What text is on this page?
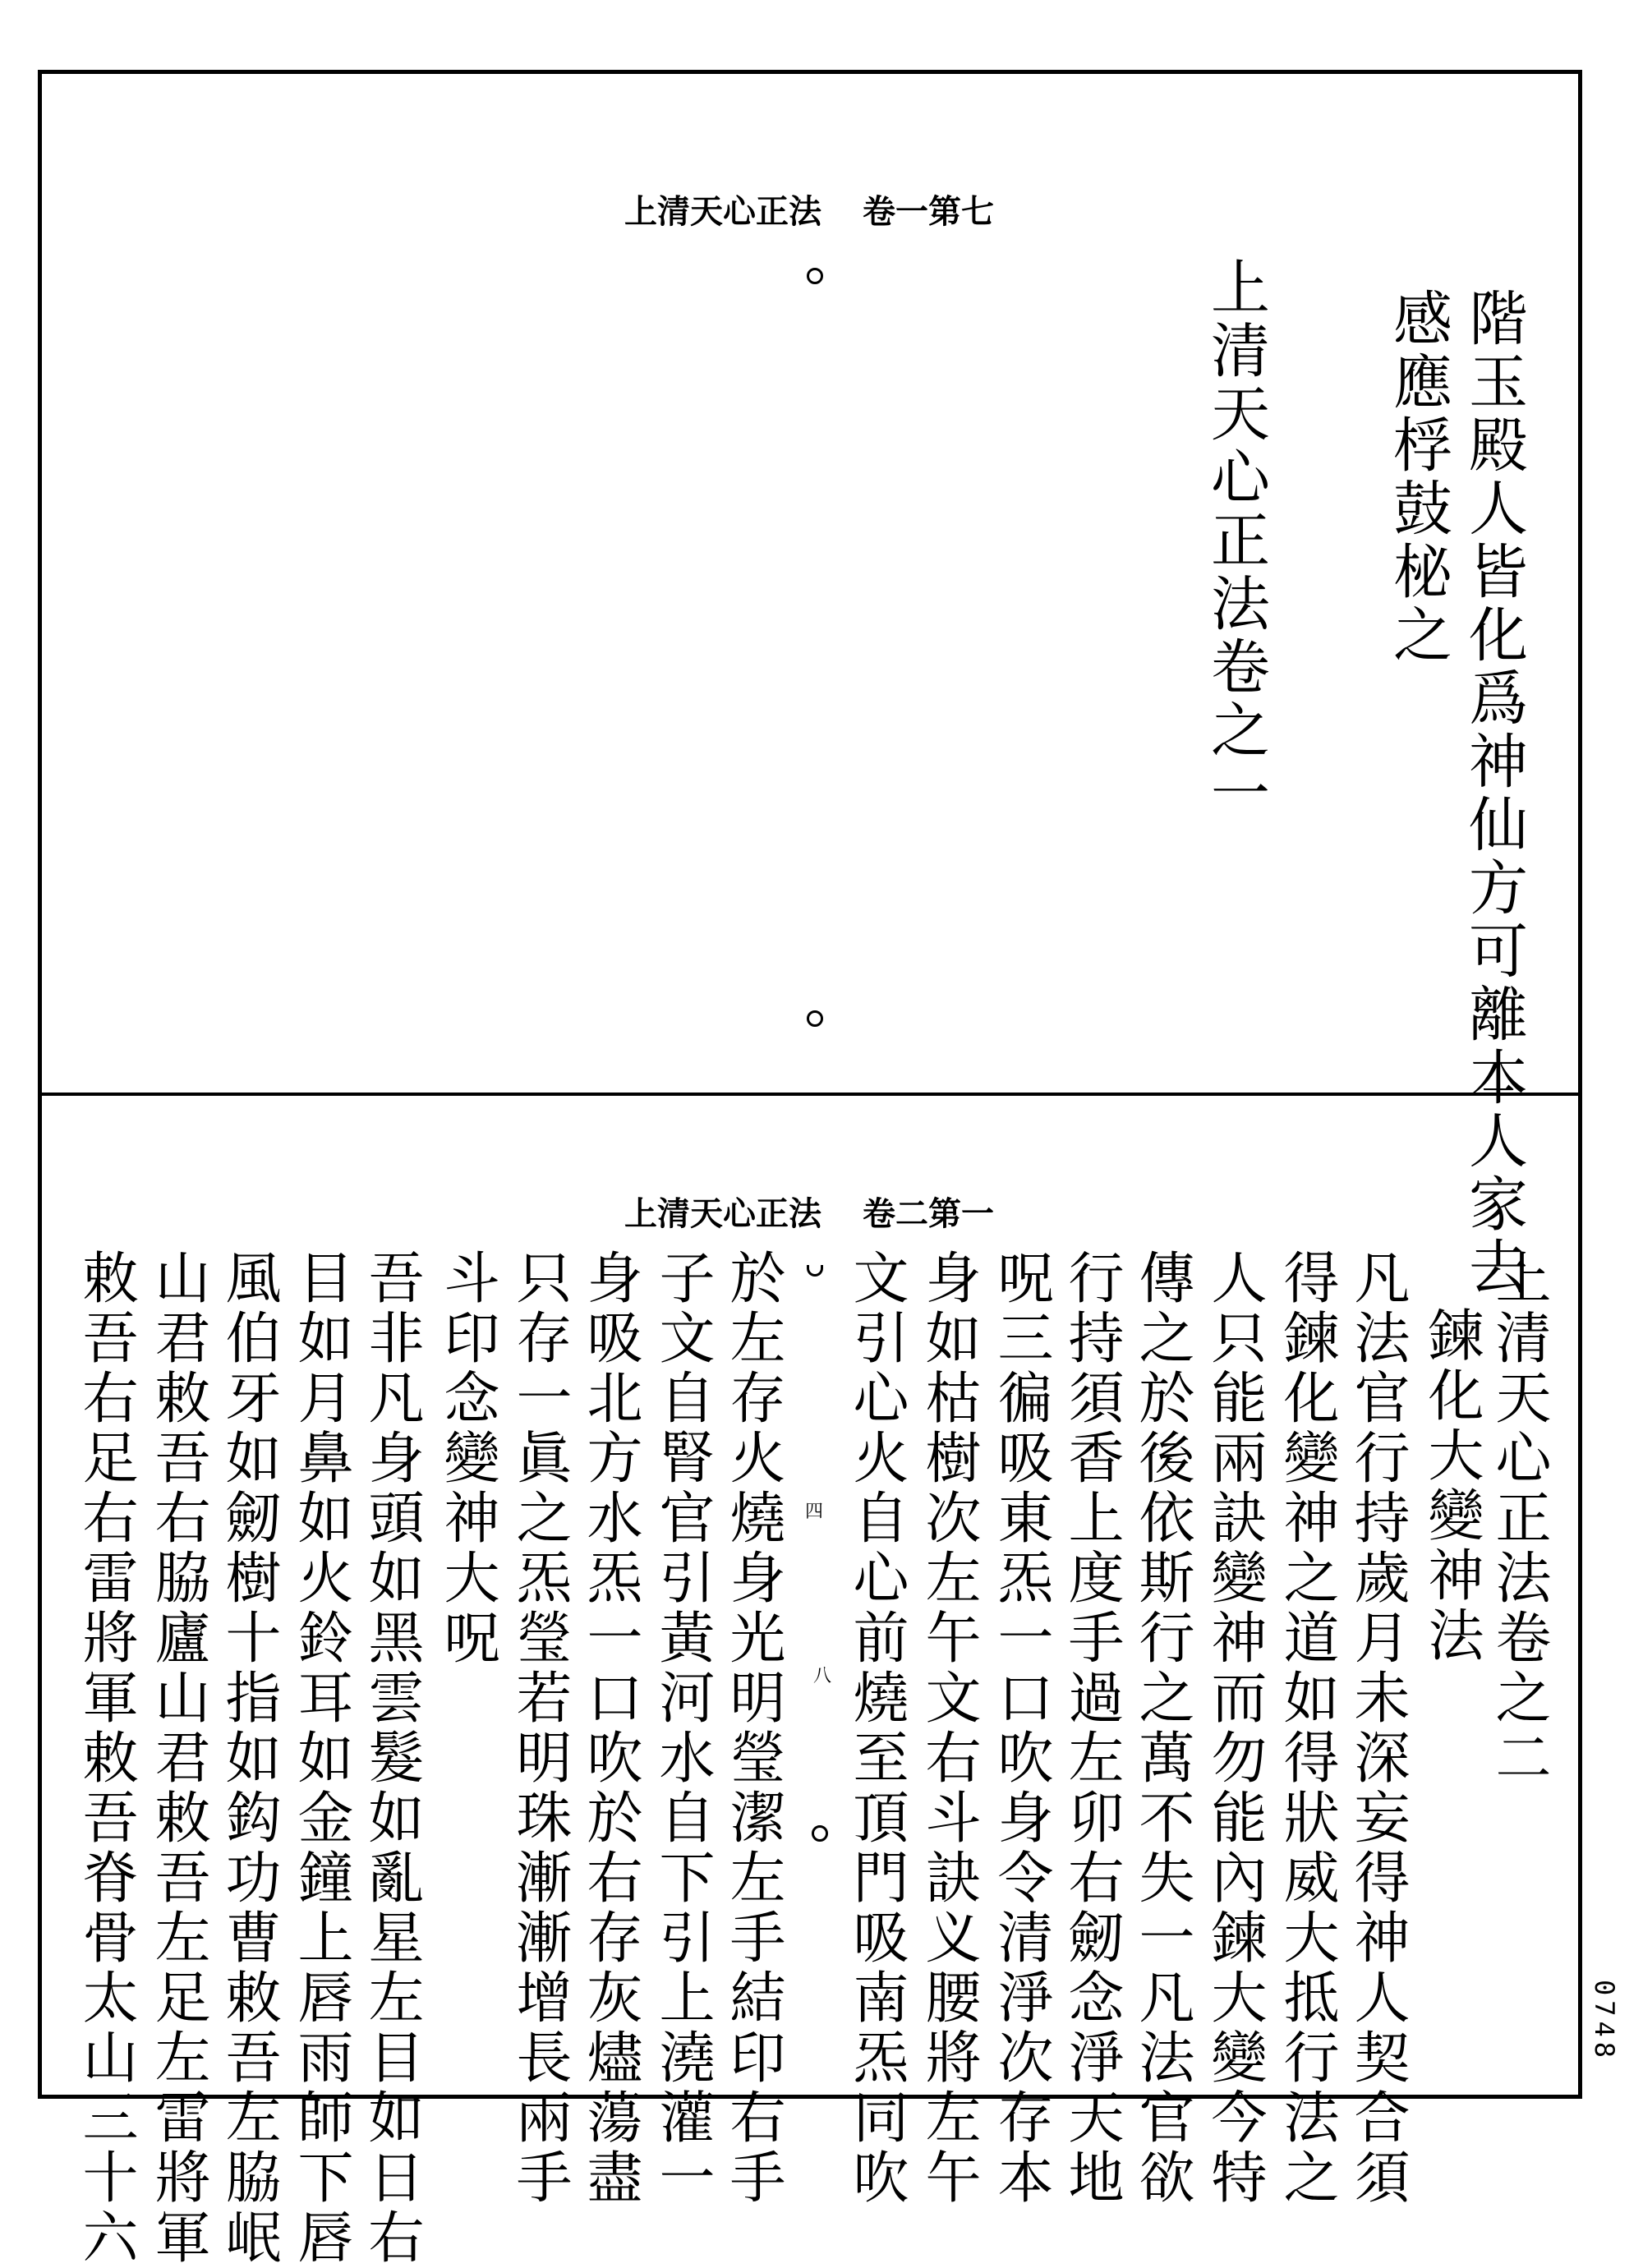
上清天心正法 卷一第七
階玉殿人皆化爲神仙方可離本人家去
感應桴鼓柲之
上清天心正法卷之一
上清天心正法 卷二第一
四
八	上清天心正法卷之二
鍊化大變神法
凡法官行持歲月未深妄得神人契合須
得鍊化變神之道如得狀威大抵行法之
人只能兩訣變神而勿能內鍊大變今特
傳之於後依斯行之萬不失一凡法官欲
行持須香上度手過左卯右劒念淨天地
呪三徧吸東炁一口吹身令清淨次存本
身如枯樹次左午文右斗訣义腰將左午
文引心火自心前燒至頂門吸南炁同吹
於左存火燒身光明瑩潔左手結印右手
子文自腎官引黃河水自下引上澆灌一
身吸北方水炁一口吹於右存灰燼蕩盡
只存一眞之炁瑩若明珠漸漸增長兩手
斗印念變神大呪
吾非凡身頭如黑雲髮如亂星左目如日右
目如月鼻如火鈴耳如金鐘上唇雨師下唇
風伯牙如劒樹十指如鈎功曹敕吾左脇岷
山君敕吾右脇廬山君敕吾左足左雷將軍
敕吾右足右雷將軍敕吾脊骨太山三十六	0748
